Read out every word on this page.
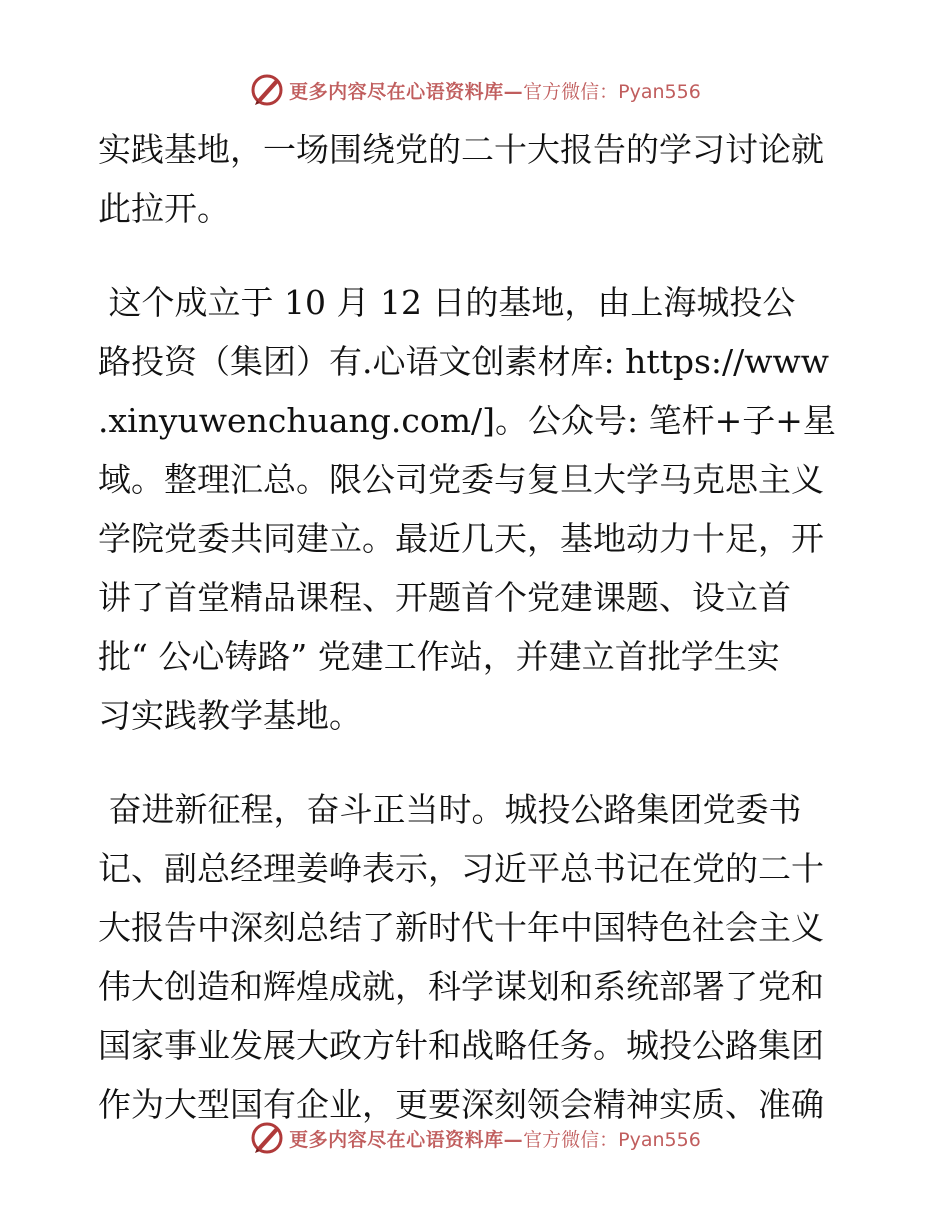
更多内容尽在心语资料库— 官方微信：Pyan556
实践基地，一场围绕党的二十大报告的学习讨论就
此拉开。
这个成立于 10 月 12 日的基地，由上海城投公
路投资（集团）有.心语文创素材库: https://www
.xinyuwenchuang.com/]。公众号: 笔杆+子+星
域。整理汇总。限公司党委与复旦大学马克思主义
学院党委共同建立。最近几天，基地动力十足，开
讲了首堂精品课程、开题首个党建课题、设立首
批“ 公心铸路” 党建工作站，并建立首批学生实
习实践教学基地。
奋进新征程，奋斗正当时。城投公路集团党委书
记、副总经理姜峥表示，习近平总书记在党的二十
大报告中深刻总结了新时代十年中国特色社会主义
伟大创造和辉煌成就，科学谋划和系统部署了党和
国家事业发展大政方针和战略任务。城投公路集团
作为大型国有企业，更要深刻领会精神实质、准确
更多内容尽在心语资料库— 官方微信：Pyan556
